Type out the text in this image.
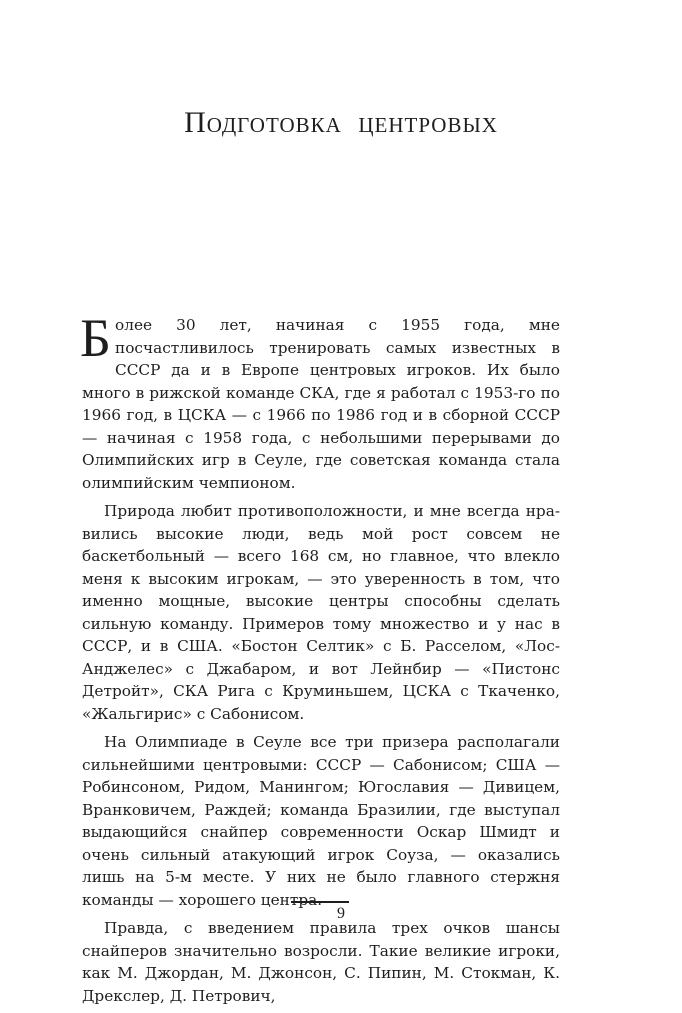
Подготовка центровых

Более 30 лет, начиная с 1955 года, мне посчастливилось тренировать самых известных в СССР да и в Европе центровых игроков. Их было много в рижской команде СКА, где я работал с 1953-го по 1966 год, в ЦСКА — с 1966 по 1986 год и в сборной СССР — начиная с 1958 года, с небольшими перерывами до Олимпийских игр в Сеуле, где советская команда стала олимпийским чемпионом.

Природа любит противоположности, и мне всегда нравились высокие люди, ведь мой рост совсем не баскетбольный — всего 168 см, но главное, что влекло меня к высоким игрокам, — это уверенность в том, что именно мощные, высокие центры способны сделать сильную команду. Примеров тому множество и у нас в СССР, и в США. «Бостон Селтик» с Б. Расселом, «Лос-Анджелес» с Джабаром, и вот Лейнбир — «Пистонс Детройт», СКА Рига с Круминьшем, ЦСКА с Ткаченко, «Жальгирис» с Сабонисом.

На Олимпиаде в Сеуле все три призера располагали сильнейшими центровыми: СССР — Сабонисом; США — Робинсоном, Ридом, Манингом; Югославия — Дивицем, Вранковичем, Раждей; команда Бразилии, где выступал выдающийся снайпер современности Оскар Шмидт и очень сильный атакующий игрок Соуза, — оказались лишь на 5-м месте. У них не было главного стержня команды — хорошего центра.

Правда, с введением правила трех очков шансы снайперов значительно возросли. Такие великие игроки, как М. Джордан, М. Джонсон, С. Пипин, М. Стокман, К. Дрекслер, Д. Петрович,

9
